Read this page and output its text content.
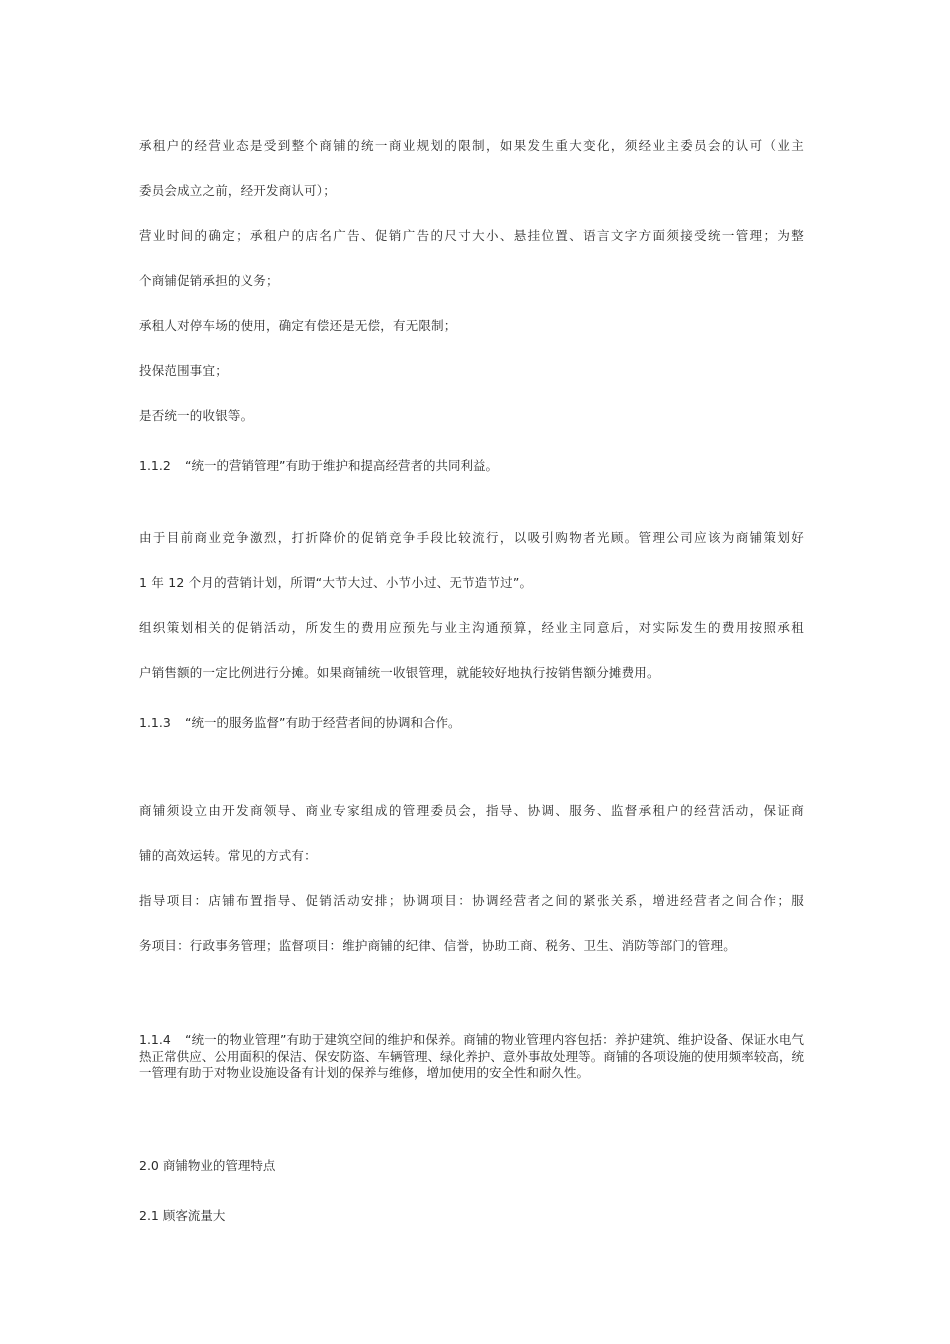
承租户的经营业态是受到整个商铺的统一商业规划的限制，如果发生重大变化，须经业主委员会的认可（业主
委员会成立之前，经开发商认可）；
营业时间的确定；承租户的店名广告、促销广告的尺寸大小、悬挂位置、语言文字方面须接受统一管理；为整
个商铺促销承担的义务；
承租人对停车场的使用，确定有偿还是无偿，有无限制；
投保范围事宜；
是否统一的收银等。
1.1.2 “统一的营销管理”有助于维护和提高经营者的共同利益。
由于目前商业竞争激烈，打折降价的促销竞争手段比较流行，以吸引购物者光顾。管理公司应该为商铺策划好
1 年 12 个月的营销计划，所谓“大节大过、小节小过、无节造节过”。
组织策划相关的促销活动，所发生的费用应预先与业主沟通预算，经业主同意后，对实际发生的费用按照承租
户销售额的一定比例进行分摊。如果商铺统一收银管理，就能较好地执行按销售额分摊费用。
1.1.3 “统一的服务监督”有助于经营者间的协调和合作。
商铺须设立由开发商领导、商业专家组成的管理委员会，指导、协调、服务、监督承租户的经营活动，保证商
铺的高效运转。常见的方式有：
指导项目：店铺布置指导、促销活动安排；协调项目：协调经营者之间的紧张关系，增进经营者之间合作；服
务项目：行政事务管理；监督项目：维护商铺的纪律、信誉，协助工商、税务、卫生、消防等部门的管理。
1.1.4 “统一的物业管理”有助于建筑空间的维护和保养。商铺的物业管理内容包括：养护建筑、维护设备、保证水电气热正常供应、公用面积的保洁、保安防盗、车辆管理、绿化养护、意外事故处理等。商铺的各项设施的使用频率较高，统一管理有助于对物业设施设备有计划的保养与维修，增加使用的安全性和耐久性。
2.0 商铺物业的管理特点
2.1 顾客流量大
